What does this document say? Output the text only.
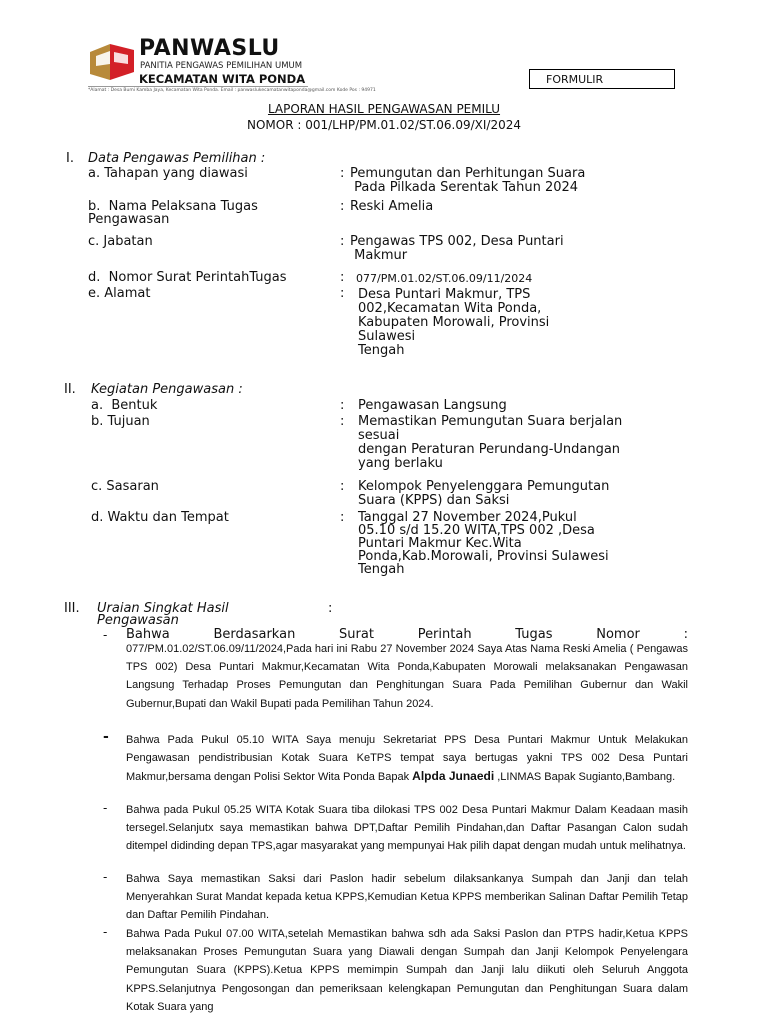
PANWASLU
PANITIA PENGAWAS PEMILIHAN UMUM
KECAMATAN WITA PONDA
*Alamat : Desa Bumi Kamba Jaya, Kecamatan Wita Ponda. Email : panwaslukecamatanwitaponda@gmail.com Kode Pos : 94971
FORMULIR
LAPORAN HASIL PENGAWASAN PEMILU
NOMOR : 001/LHP/PM.01.02/ST.06.09/XI/2024
I. Data Pengawas Pemilihan :
a. Tahapan yang diawasi	: Pemungutan dan Perhitungan Suara
Pada Pilkada Serentak Tahun 2024
b.  Nama Pelaksana Tugas
Pengawasan
: Reski Amelia
c. Jabatan	: Pengawas TPS 002, Desa Puntari
Makmur
d.  Nomor Surat PerintahTugas	: 077/PM.01.02/ST.06.09/11/2024
e. Alamat	: Desa Puntari Makmur, TPS
002,Kecamatan Wita Ponda,
Kabupaten Morowali, Provinsi
Sulawesi
Tengah
II. Kegiatan Pengawasan :
a.  Bentuk	: Pengawasan Langsung
b. Tujuan	: Memastikan Pemungutan Suara berjalan
sesuai
dengan Peraturan Perundang-Undangan
yang berlaku
c. Sasaran	: Kelompok Penyelenggara Pemungutan
Suara (KPPS) dan Saksi
d. Waktu dan Tempat	: Tanggal 27 November 2024,Pukul
05.10 s/d 15.20 WITA,TPS 002 ,Desa
Puntari Makmur Kec.Wita
Ponda,Kab.Morowali, Provinsi Sulawesi
Tengah
III. Uraian Singkat Hasil
Pengawasan
:
- Bahwa	Berdasarkan	Surat	Perintah	Tugas	Nomor	:
077/PM.01.02/ST.06.09/11/2024,Pada hari ini Rabu 27 November 2024 Saya Atas Nama Reski Amelia ( Pengawas TPS 002) Desa Puntari Makmur,Kecamatan Wita Ponda,Kabupaten Morowali melaksanakan Pengawasan Langsung Terhadap Proses Pemungutan dan Penghitungan Suara Pada Pemilihan Gubernur dan Wakil Gubernur,Bupati dan Wakil Bupati pada Pemilihan Tahun 2024.
- Bahwa Pada Pukul 05.10 WITA Saya menuju Sekretariat PPS Desa Puntari Makmur Untuk Melakukan Pengawasan pendistribusian Kotak Suara KeTPS tempat saya bertugas yakni TPS 002 Desa Puntari Makmur,bersama dengan Polisi Sektor Wita Ponda Bapak Alpda Junaedi ,LINMAS Bapak Sugianto,Bambang.
- Bahwa pada Pukul 05.25 WITA Kotak Suara tiba dilokasi TPS 002 Desa Puntari Makmur Dalam Keadaan masih tersegel.Selanjutx saya memastikan bahwa DPT,Daftar Pemilih Pindahan,dan Daftar Pasangan Calon sudah ditempel didinding depan TPS,agar masyarakat yang mempunyai Hak pilih dapat dengan mudah untuk melihatnya.
- Bahwa Saya memastikan Saksi dari Paslon hadir sebelum dilaksankanya Sumpah dan Janji dan telah Menyerahkan Surat Mandat kepada ketua KPPS,Kemudian Ketua KPPS memberikan Salinan Daftar Pemilih Tetap dan Daftar Pemilih Pindahan.
- Bahwa Pada Pukul 07.00 WITA,setelah Memastikan bahwa sdh ada Saksi Paslon dan PTPS hadir,Ketua KPPS melaksanakan Proses Pemungutan Suara yang Diawali dengan Sumpah dan Janji Kelompok Penyelengara Pemungutan Suara (KPPS).Ketua KPPS memimpin Sumpah dan Janji lalu diikuti oleh Seluruh Anggota KPPS.Selanjutnya Pengosongan dan pemeriksaan kelengkapan Pemungutan dan Penghitungan Suara dalam Kotak Suara yang
